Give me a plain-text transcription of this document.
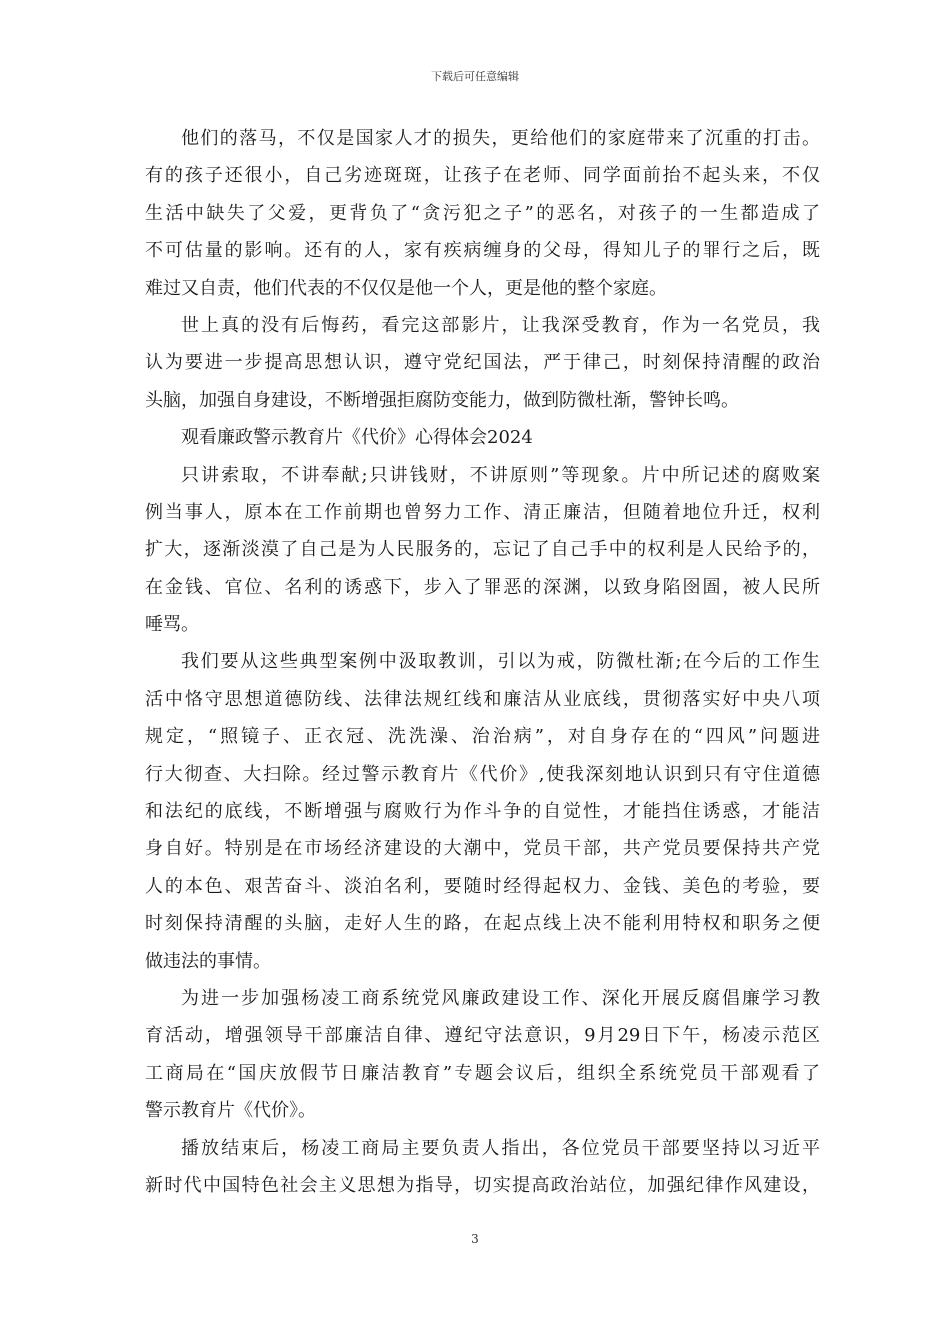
下载后可任意编辑
他们的落马，不仅是国家人才的损失，更给他们的家庭带来了沉重的打击。
有的孩子还很小，自己劣迹斑斑，让孩子在老师、同学面前抬不起头来，不仅
生活中缺失了父爱，更背负了“贪污犯之子”的恶名，对孩子的一生都造成了
不可估量的影响。还有的人，家有疾病缠身的父母，得知儿子的罪行之后，既
难过又自责，他们代表的不仅仅是他一个人，更是他的整个家庭。
世上真的没有后悔药，看完这部影片，让我深受教育，作为一名党员，我
认为要进一步提高思想认识，遵守党纪国法，严于律己，时刻保持清醒的政治
头脑，加强自身建设，不断增强拒腐防变能力，做到防微杜渐，警钟长鸣。
观看廉政警示教育片《代价》心得体会2024
只讲索取，不讲奉献;只讲钱财，不讲原则”等现象。片中所记述的腐败案
例当事人，原本在工作前期也曾努力工作、清正廉洁，但随着地位升迁，权利
扩大，逐渐淡漠了自己是为人民服务的，忘记了自己手中的权利是人民给予的，
在金钱、官位、名利的诱惑下，步入了罪恶的深渊，以致身陷囹圄，被人民所
唾骂。
我们要从这些典型案例中汲取教训，引以为戒，防微杜渐;在今后的工作生
活中恪守思想道德防线、法律法规红线和廉洁从业底线，贯彻落实好中央八项
规定，“照镜子、正衣冠、洗洗澡、治治病”，对自身存在的“四风”问题进
行大彻查、大扫除。经过警示教育片《代价》,使我深刻地认识到只有守住道德
和法纪的底线，不断增强与腐败行为作斗争的自觉性，才能挡住诱惑，才能洁
身自好。特别是在市场经济建设的大潮中，党员干部，共产党员要保持共产党
人的本色、艰苦奋斗、淡泊名利，要随时经得起权力、金钱、美色的考验，要
时刻保持清醒的头脑，走好人生的路，在起点线上决不能利用特权和职务之便
做违法的事情。
为进一步加强杨凌工商系统党风廉政建设工作、深化开展反腐倡廉学习教
育活动，增强领导干部廉洁自律、遵纪守法意识，9月29日下午，杨凌示范区
工商局在“国庆放假节日廉洁教育”专题会议后，组织全系统党员干部观看了
警示教育片《代价》。
播放结束后，杨凌工商局主要负责人指出，各位党员干部要坚持以习近平
新时代中国特色社会主义思想为指导，切实提高政治站位，加强纪律作风建设，
3
